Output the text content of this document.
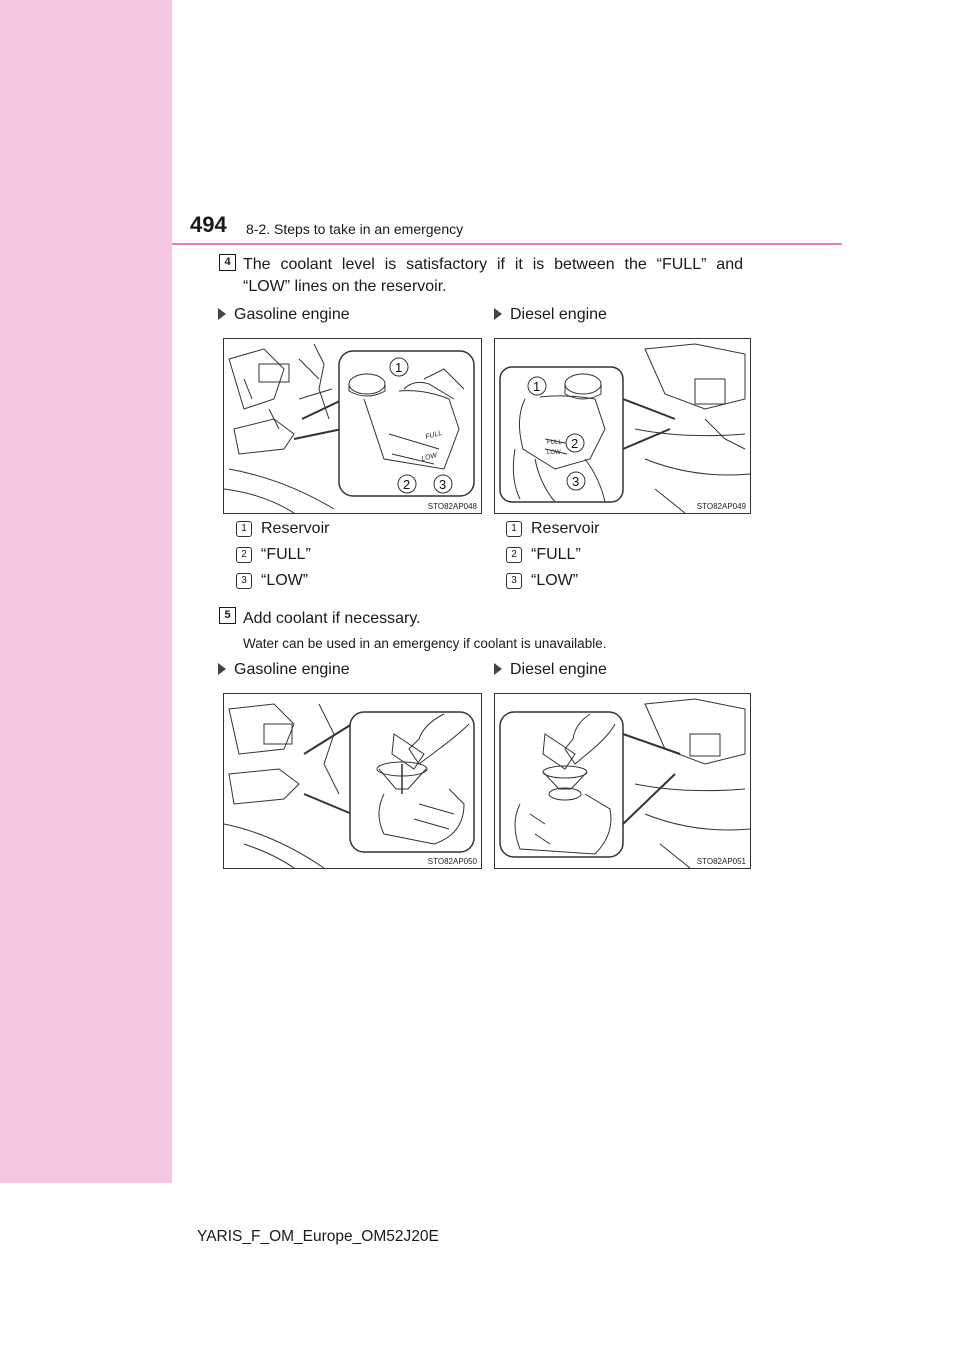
494 8-2. Steps to take in an emergency
4 The coolant level is satisfactory if it is between the “FULL” and
“LOW” lines on the reservoir.
Gasoline engine	Diesel engine
FULL
LOW
1
2 3
STO82AP048
FULL
LOW
1
2
3
STO82AP049
1 Reservoir
2 “FULL”
3 “LOW”
1 Reservoir
2 “FULL”
3 “LOW”
5 Add coolant if necessary.
Water can be used in an emergency if coolant is unavailable.
Gasoline engine	Diesel engine
STO82AP050	STO82AP051
YARIS_F_OM_Europe_OM52J20E
